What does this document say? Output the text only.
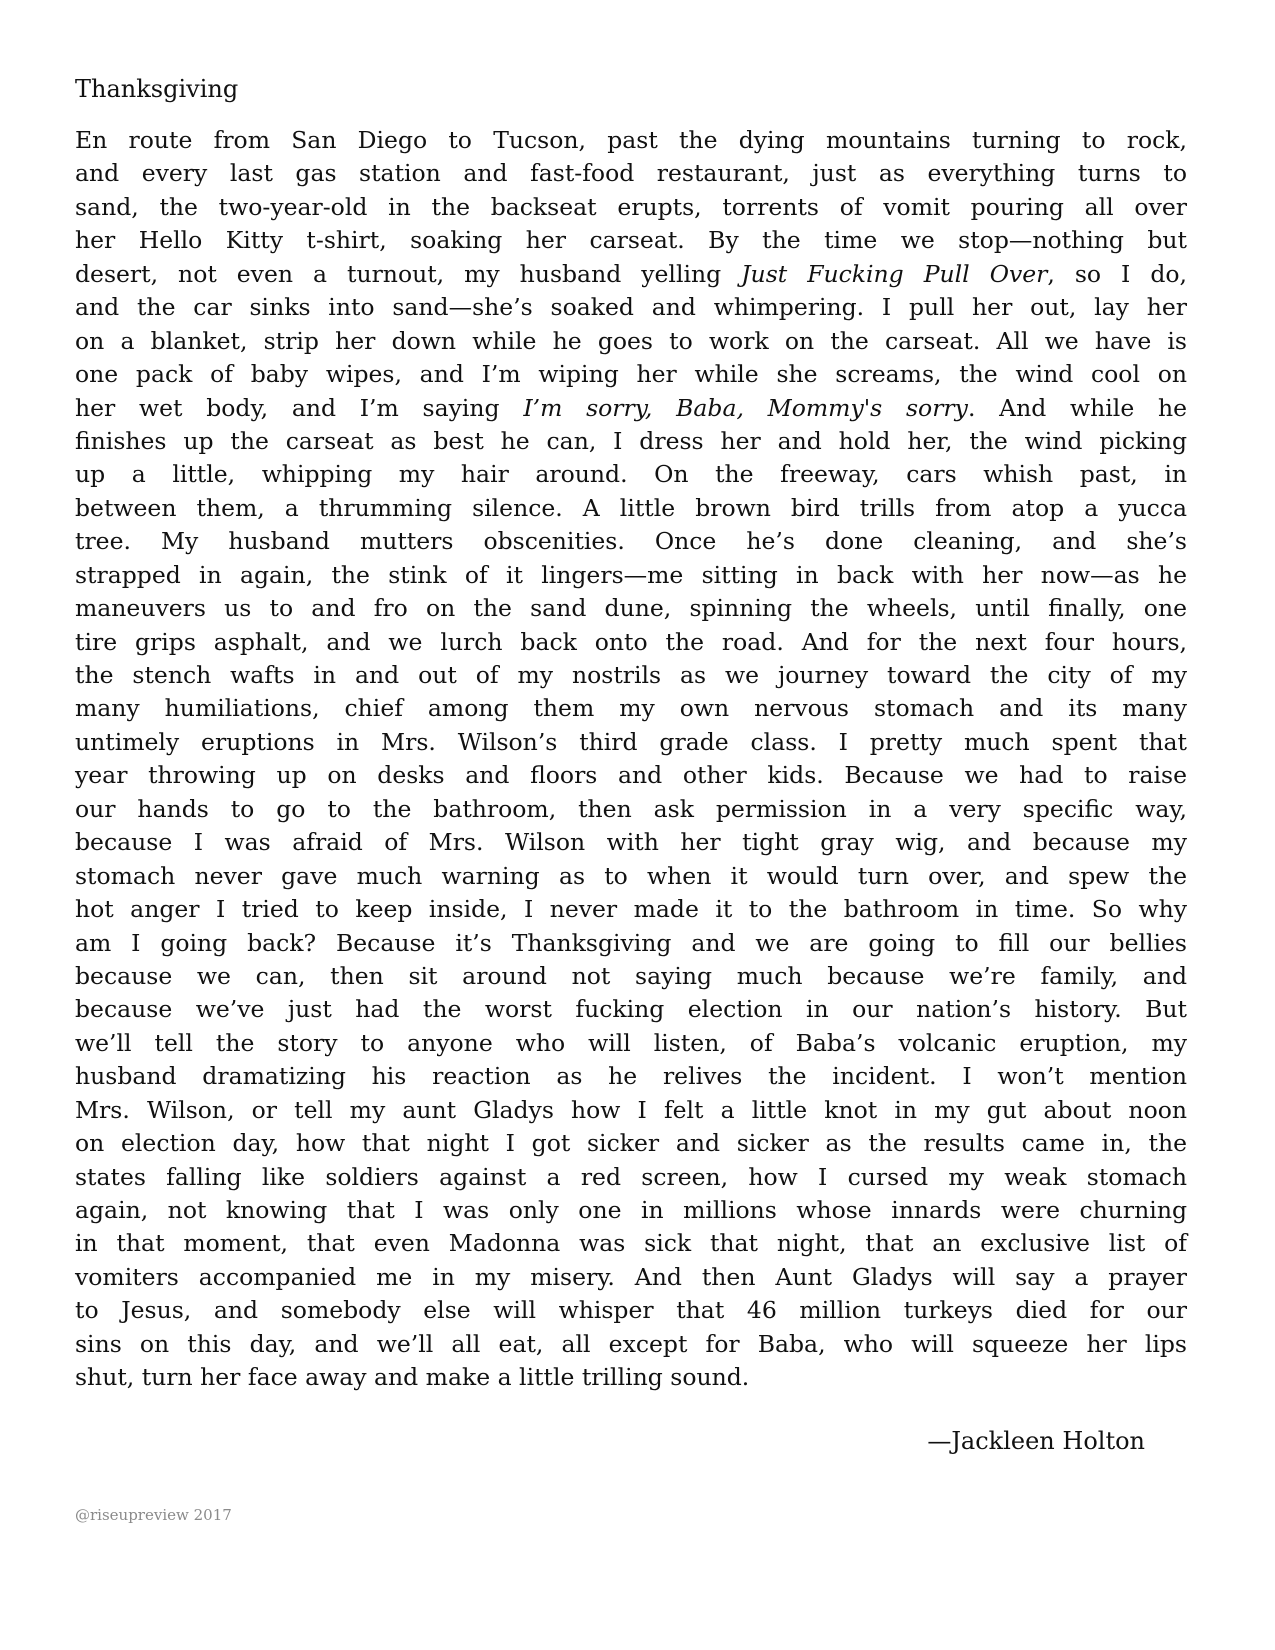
Thanksgiving
En route from San Diego to Tucson, past the dying mountains turning to rock,
and every last gas station and fast-food restaurant, just as everything turns to
sand, the two-year-old in the backseat erupts, torrents of vomit pouring all over
her Hello Kitty t-shirt, soaking her carseat. By the time we stop—nothing but
desert, not even a turnout, my husband yelling Just Fucking Pull Over, so I do,
and the car sinks into sand—she’s soaked and whimpering. I pull her out, lay her
on a blanket, strip her down while he goes to work on the carseat. All we have is
one pack of baby wipes, and I’m wiping her while she screams, the wind cool on
her wet body, and I’m saying I’m sorry, Baba, Mommy's sorry. And while he
finishes up the carseat as best he can, I dress her and hold her, the wind picking
up a little, whipping my hair around. On the freeway, cars whish past, in
between them, a thrumming silence. A little brown bird trills from atop a yucca
tree. My husband mutters obscenities. Once he’s done cleaning, and she’s
strapped in again, the stink of it lingers—me sitting in back with her now—as he
maneuvers us to and fro on the sand dune, spinning the wheels, until finally, one
tire grips asphalt, and we lurch back onto the road. And for the next four hours,
the stench wafts in and out of my nostrils as we journey toward the city of my
many humiliations, chief among them my own nervous stomach and its many
untimely eruptions in Mrs. Wilson’s third grade class. I pretty much spent that
year throwing up on desks and floors and other kids. Because we had to raise
our hands to go to the bathroom, then ask permission in a very specific way,
because I was afraid of Mrs. Wilson with her tight gray wig, and because my
stomach never gave much warning as to when it would turn over, and spew the
hot anger I tried to keep inside, I never made it to the bathroom in time. So why
am I going back? Because it’s Thanksgiving and we are going to fill our bellies
because we can, then sit around not saying much because we’re family, and
because we’ve just had the worst fucking election in our nation’s history. But
we’ll tell the story to anyone who will listen, of Baba’s volcanic eruption, my
husband dramatizing his reaction as he relives the incident. I won’t mention
Mrs. Wilson, or tell my aunt Gladys how I felt a little knot in my gut about noon
on election day, how that night I got sicker and sicker as the results came in, the
states falling like soldiers against a red screen, how I cursed my weak stomach
again, not knowing that I was only one in millions whose innards were churning
in that moment, that even Madonna was sick that night, that an exclusive list of
vomiters accompanied me in my misery. And then Aunt Gladys will say a prayer
to Jesus, and somebody else will whisper that 46 million turkeys died for our
sins on this day, and we’ll all eat, all except for Baba, who will squeeze her lips
shut, turn her face away and make a little trilling sound.

—Jackleen Holton

@riseupreview 2017
